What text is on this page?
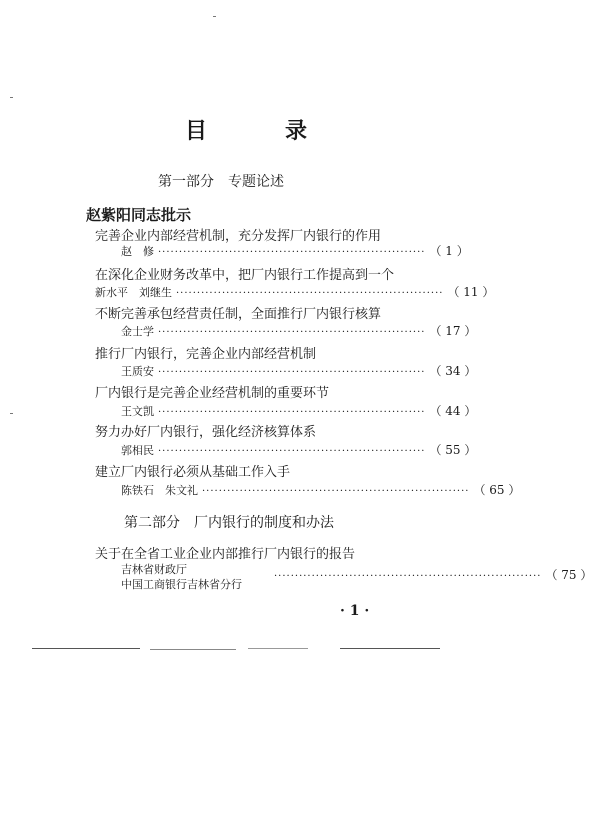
目　录
第一部分　专题论述
赵紫阳同志批示
完善企业内部经营机制，充分发挥厂内银行的作用
赵　修 ································································ （ 1 ）
在深化企业财务改革中，把厂内银行工作提高到一个
新水平　刘继生 ································································ （ 11 ）
不断完善承包经营责任制，全面推行厂内银行核算
金士学 ································································ （ 17 ）
推行厂内银行，完善企业内部经营机制
王质安 ································································ （ 34 ）
厂内银行是完善企业经营机制的重要环节
王文凯 ································································ （ 44 ）
努力办好厂内银行，强化经济核算体系
郭相民 ································································ （ 55 ）
建立厂内银行必须从基础工作入手
陈铁石　朱文礼 ································································ （ 65 ）
第二部分　厂内银行的制度和办法
关于在全省工业企业内部推行厂内银行的报告
吉林省财政厅
中国工商银行吉林省分行
································································ （ 75 ）
· 1 ·
